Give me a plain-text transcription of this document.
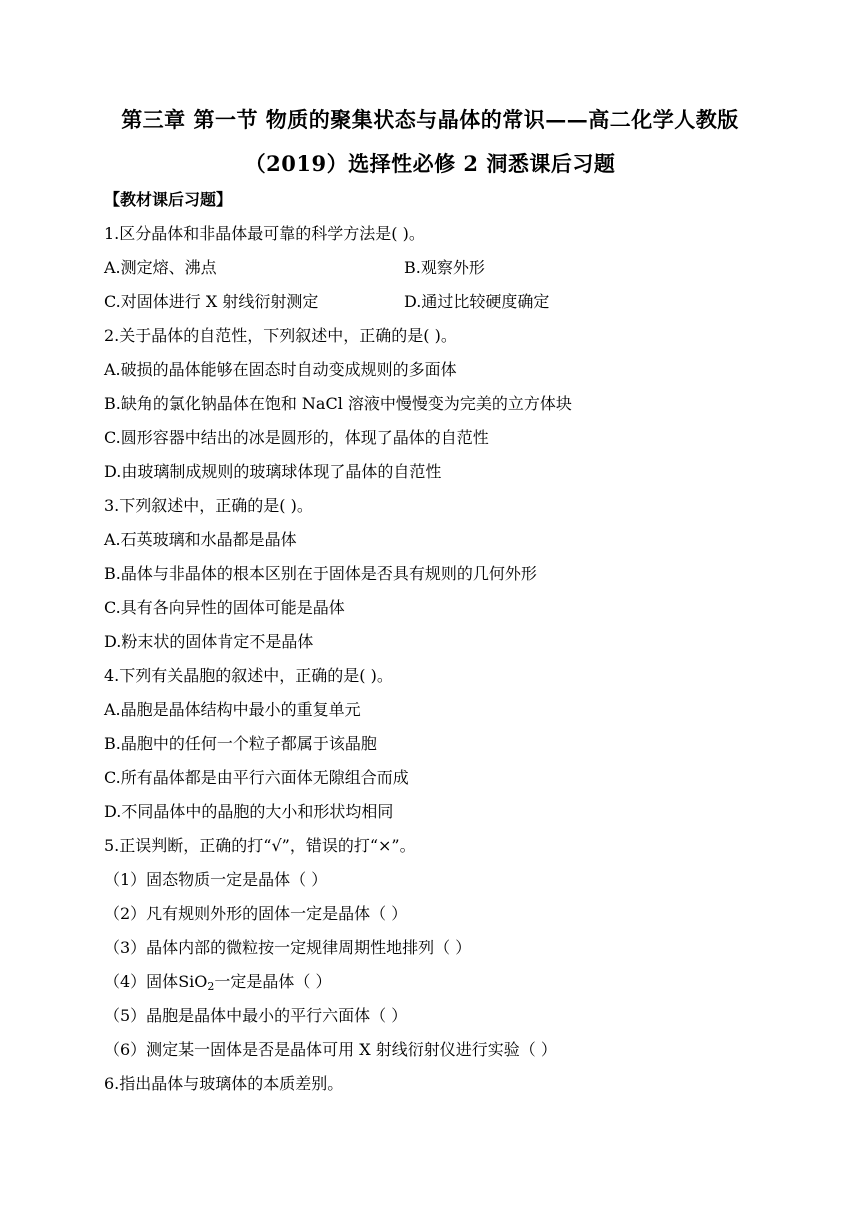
第三章 第一节 物质的聚集状态与晶体的常识——高二化学人教版
（2019）选择性必修 2 洞悉课后习题
【教材课后习题】
1.区分晶体和非晶体最可靠的科学方法是( )。
A.测定熔、沸点	B.观察外形
C.对固体进行 X 射线衍射测定	D.通过比较硬度确定
2.关于晶体的自范性，下列叙述中，正确的是( )。
A.破损的晶体能够在固态时自动变成规则的多面体
B.缺角的氯化钠晶体在饱和 NaCl 溶液中慢慢变为完美的立方体块
C.圆形容器中结出的冰是圆形的，体现了晶体的自范性
D.由玻璃制成规则的玻璃球体现了晶体的自范性
3.下列叙述中，正确的是( )。
A.石英玻璃和水晶都是晶体
B.晶体与非晶体的根本区别在于固体是否具有规则的几何外形
C.具有各向异性的固体可能是晶体
D.粉末状的固体肯定不是晶体
4.下列有关晶胞的叙述中，正确的是( )。
A.晶胞是晶体结构中最小的重复单元
B.晶胞中的任何一个粒子都属于该晶胞
C.所有晶体都是由平行六面体无隙组合而成
D.不同晶体中的晶胞的大小和形状均相同
5.正误判断，正确的打“√”，错误的打“×”。
（1）固态物质一定是晶体（ ）
（2）凡有规则外形的固体一定是晶体（ ）
（3）晶体内部的微粒按一定规律周期性地排列（ ）
（4）固体SiO$_2$一定是晶体（ ）
（5）晶胞是晶体中最小的平行六面体（ ）
（6）测定某一固体是否是晶体可用 X 射线衍射仪进行实验（ ）
6.指出晶体与玻璃体的本质差别。
